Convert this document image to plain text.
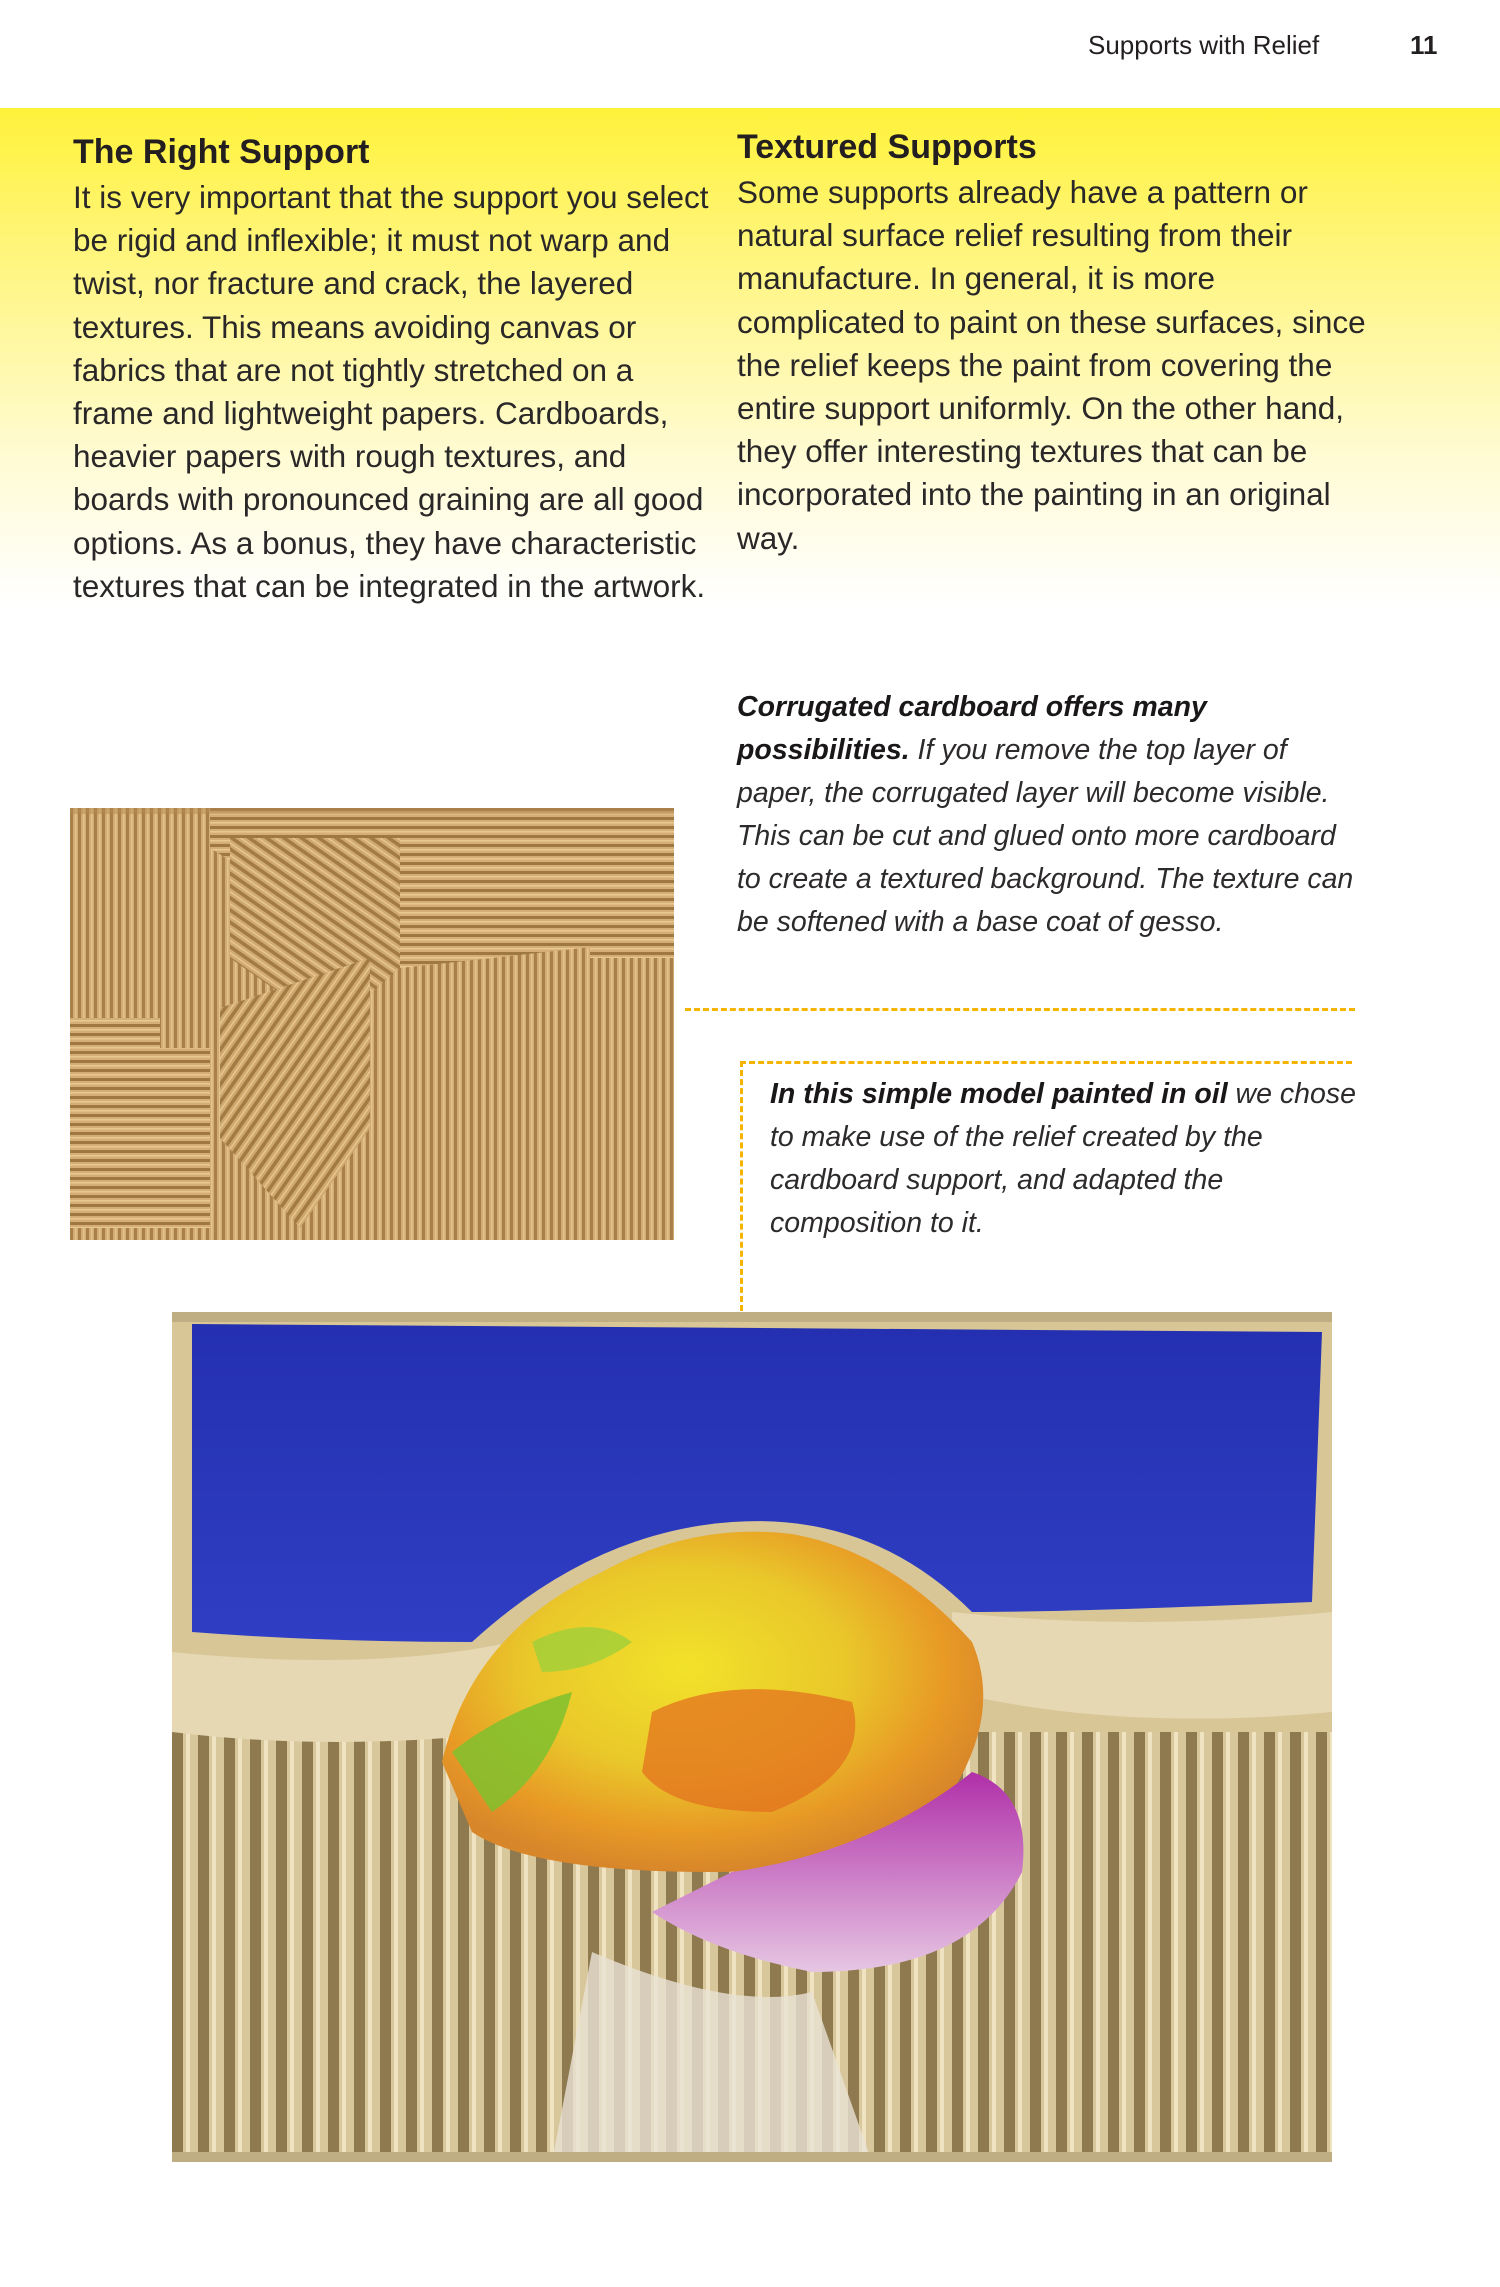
Supports with Relief	11
The Right Support

It is very important that the support you select be rigid and inflexible; it must not warp and twist, nor fracture and crack, the layered textures. This means avoiding canvas or fabrics that are not tightly stretched on a frame and lightweight papers. Cardboards, heavier papers with rough textures, and boards with pronounced graining are all good options. As a bonus, they have characteristic textures that can be integrated in the artwork.

Textured Supports

Some supports already have a pattern or natural surface relief resulting from their manufacture. In general, it is more complicated to paint on these surfaces, since the relief keeps the paint from covering the entire support uniformly. On the other hand, they offer interesting textures that can be incorporated into the painting in an original way.

Corrugated cardboard offers many possibilities. If you remove the top layer of paper, the corrugated layer will become visible. This can be cut and glued onto more cardboard to create a textured background. The texture can be softened with a base coat of gesso.

In this simple model painted in oil we chose to make use of the relief created by the cardboard support, and adapted the composition to it.
